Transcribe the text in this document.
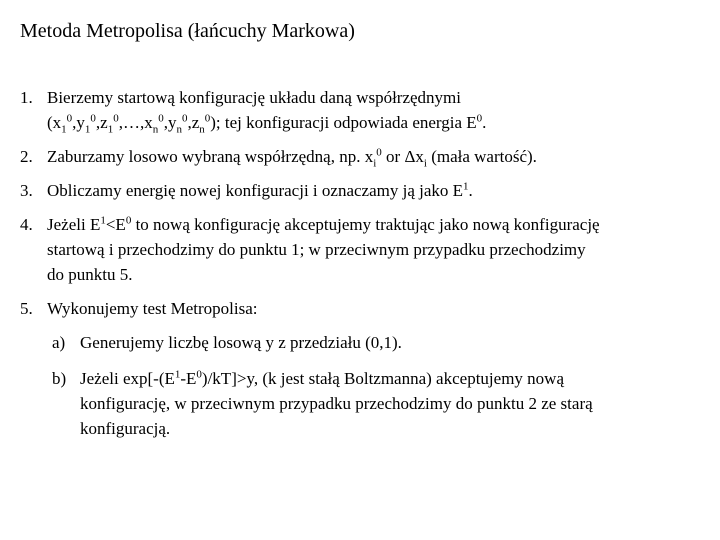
Metoda Metropolisa (łańcuchy Markowa)
1. Bierzemy startową konfigurację układu daną współrzędnymi
$(x_1^0,y_1^0,z_1^0,\dots,x_n^0,y_n^0,z_n^0)$; tej konfiguracji odpowiada energia $E^0$.
2. Zaburzamy losowo wybraną współrzędną, np. $x_i^0$ or $\Delta x_i$ (mała wartość).
3. Obliczamy energię nowej konfiguracji i oznaczamy ją jako $E^1$.
4. Jeżeli $E^1<E^0$ to nową konfigurację akceptujemy traktując jako nową konfigurację
startową i przechodzimy do punktu 1; w przeciwnym przypadku przechodzimy
do punktu 5.
5. Wykonujemy test Metropolisa:
a) Generujemy liczbę losową y z przedziału (0,1).
b) Jeżeli $\exp[-(E^1-E^0)/kT]>y$, (k jest stałą Boltzmanna) akceptujemy nową
konfigurację, w przeciwnym przypadku przechodzimy do punktu 2 ze starą
konfiguracją.
